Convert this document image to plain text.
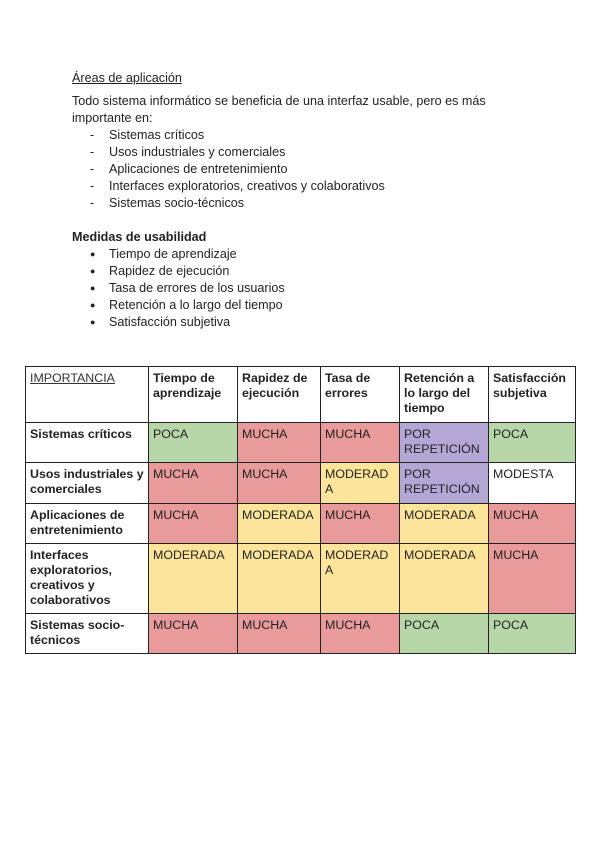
Áreas de aplicación

Todo sistema informático se beneficia de una interfaz usable, pero es más importante en:

- Sistemas críticos
- Usos industriales y comerciales
- Aplicaciones de entretenimiento
- Interfaces exploratorios, creativos y colaborativos
- Sistemas socio-técnicos

Medidas de usabilidad

● Tiempo de aprendizaje
● Rapidez de ejecución
● Tasa de errores de los usuarios
● Retención a lo largo del tiempo
● Satisfacción subjetiva
IMPORTANCIA	Tiempo de aprendizaje	Rapidez de ejecución	Tasa de errores	Retención a lo largo del tiempo	Satisfacción subjetiva
Sistemas críticos	POCA	MUCHA	MUCHA	POR REPETICIÓN	POCA
Usos industriales y comerciales	MUCHA	MUCHA	MODERADA	POR REPETICIÓN	MODESTA
Aplicaciones de entretenimiento	MUCHA	MODERADA	MUCHA	MODERADA	MUCHA
Interfaces exploratorios, creativos y colaborativos	MODERADA	MODERADA	MODERADA	MODERADA	MUCHA
Sistemas socio-técnicos	MUCHA	MUCHA	MUCHA	POCA	POCA
